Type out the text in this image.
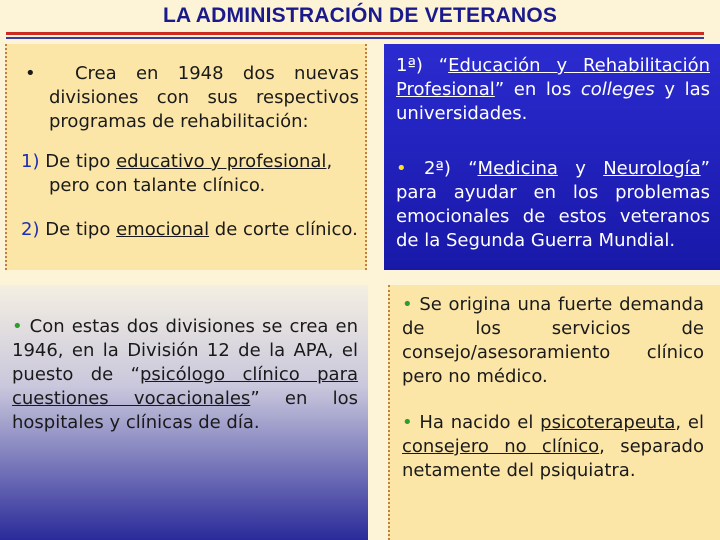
LA ADMINISTRACIÓN DE VETERANOS

• Crea en 1948 dos nuevas

divisiones con sus respectivos programas de rehabilitación:

1) De tipo educativo y profesional, pero con talante clínico.

2) De tipo emocional de corte clínico.

1ª) “Educación y Rehabilitación Profesional” en los colleges y las universidades.
• 2ª) “Medicina y Neurología” para ayudar en los problemas emocionales de estos veteranos de la Segunda Guerra Mundial.
• Con estas dos divisiones se crea en 1946, en la División 12 de la APA, el puesto de “psicólogo clínico para cuestiones vocacionales” en los hospitales y clínicas de día.
• Se origina una fuerte demanda de los servicios de consejo/asesoramiento clínico pero no médico.
• Ha nacido el psicoterapeuta, el consejero no clínico, separado netamente del psiquiatra.
